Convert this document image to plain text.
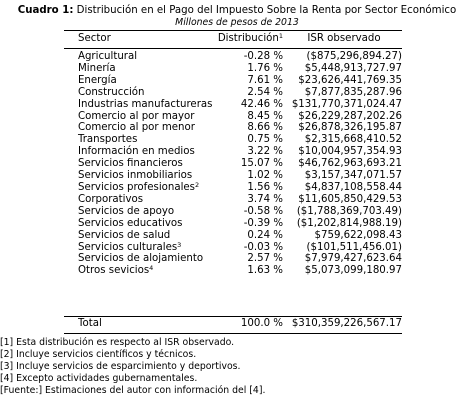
Cuadro 1: Distribución en el Pago del Impuesto Sobre la Renta por Sector Económico
Millones de pesos de 2013
Sector	Distribución$^1$	ISR observado
Agricultural	-0.28 %	($875,296,894.27)
Minería	1.76 %	$5,448,913,727.97
Energía	7.61 %	$23,626,441,769.35
Construcción	2.54 %	$7,877,835,287.96
Industrias manufactureras	42.46 %	$131,770,371,024.47
Comercio al por mayor	8.45 %	$26,229,287,202.26
Comercio al por menor	8.66 %	$26,878,326,195.87
Transportes	0.75 %	$2,315,668,410.52
Información en medios	3.22 %	$10,004,957,354.93
Servicios financieros	15.07 %	$46,762,963,693.21
Servicios inmobiliarios	1.02 %	$3,157,347,071.57
Servicios profesionales$^2$	1.56 %	$4,837,108,558.44
Corporativos	3.74 %	$11,605,850,429.53
Servicios de apoyo	-0.58 %	($1,788,369,703.49)
Servicios educativos	-0.39 %	($1,202,814,988.19)
Servicios de salud	0.24 %	$759,622,098.43
Servicios culturales$^3$	-0.03 %	($101,511,456.01)
Servicios de alojamiento	2.57 %	$7,979,427,623.64
Otros sevicios$^4$	1.63 %	$5,073,099,180.97
Total	100.0 %	$310,359,226,567.17
[1] Esta distribución es respecto al ISR observado.
[2] Incluye servicios científicos y técnicos.
[3] Incluye servicios de esparcimiento y deportivos.
[4] Excepto actividades gubernamentales.
[Fuente:] Estimaciones del autor con información del [4].
